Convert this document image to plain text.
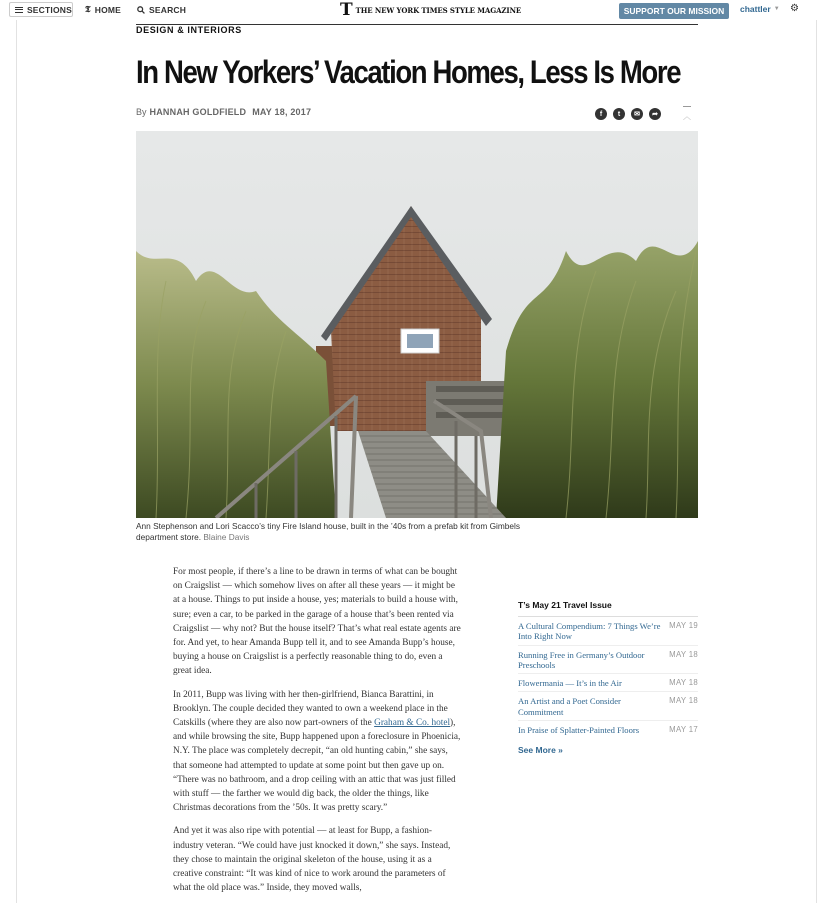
SECTIONS 𝕿 HOME	SEARCH	T THE NEW YORK TIMES STYLE MAGAZINE	SUPPORT OUR MISSION	chattler ▼ ⚙
DESIGN & INTERIORS
In New Yorkers’ Vacation Homes, Less Is More
By HANNAH GOLDFIELD MAY 18, 2017	f	t	✉	➦	︿
Ann Stephenson and Lori Scacco’s tiny Fire Island house, built in the ’40s from a prefab kit from Gimbels department store. Blaine Davis

For most people, if there’s a line to be drawn in terms of what can be bought on Craigslist — which somehow lives on after all these years — it might be at a house. Things to put inside a house, yes; materials to build a house with, sure; even a car, to be parked in the garage of a house that’s been rented via Craigslist — why not? But the house itself? That’s what real estate agents are for. And yet, to hear Amanda Bupp tell it, and to see Amanda Bupp’s house, buying a house on Craigslist is a perfectly reasonable thing to do, even a great idea.

In 2011, Bupp was living with her then-girlfriend, Bianca Barattini, in Brooklyn. The couple decided they wanted to own a weekend place in the Catskills (where they are also now part-owners of the Graham & Co. hotel), and while browsing the site, Bupp happened upon a foreclosure in Phoenicia, N.Y. The place was completely decrepit, “an old hunting cabin,” she says, that someone had attempted to update at some point but then gave up on. “There was no bathroom, and a drop ceiling with an attic that was just filled with stuff — the farther we would dig back, the older the things, like Christmas decorations from the ’50s. It was pretty scary.”

And yet it was also ripe with potential — at least for Bupp, a fashion-industry veteran. “We could have just knocked it down,” she says. Instead, they chose to maintain the original skeleton of the house, using it as a creative constraint: “It was kind of nice to work around the parameters of what the old place was.” Inside, they moved walls,

T’s May 21 Travel Issue
A Cultural Compendium: 7 Things We’re Into Right Now
MAY 19
Running Free in Germany’s Outdoor Preschools
MAY 18
Flowermania — It’s in the Air	MAY 18
An Artist and a Poet Consider Commitment
MAY 18
In Praise of Splatter-Painted Floors	MAY 17
See More »
